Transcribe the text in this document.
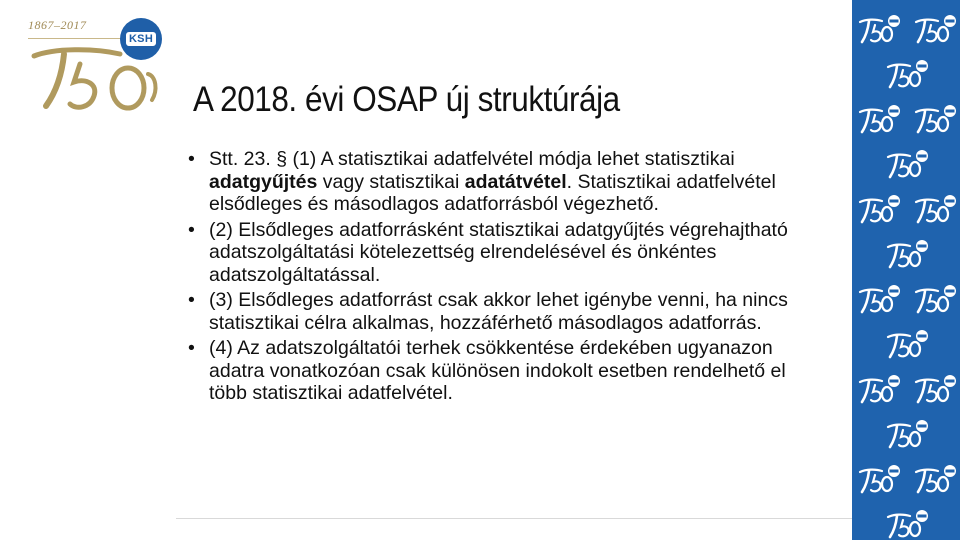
1867–2017
KSH
A 2018. évi OSAP új struktúrája
• Stt. 23. § (1) A statisztikai adatfelvétel módja lehet statisztikai adatgyűjtés vagy statisztikai adatátvétel. Statisztikai adatfelvétel elsődleges és másodlagos adatforrásból végezhető.
• (2) Elsődleges adatforrásként statisztikai adatgyűjtés végrehajtható adatszolgáltatási kötelezettség elrendelésével és önkéntes adatszolgáltatással.
• (3) Elsődleges adatforrást csak akkor lehet igénybe venni, ha nincs statisztikai célra alkalmas, hozzáférhető másodlagos adatforrás.
• (4) Az adatszolgáltatói terhek csökkentése érdekében ugyanazon adatra vonatkozóan csak különösen indokolt esetben rendelhető el több statisztikai adatfelvétel.
